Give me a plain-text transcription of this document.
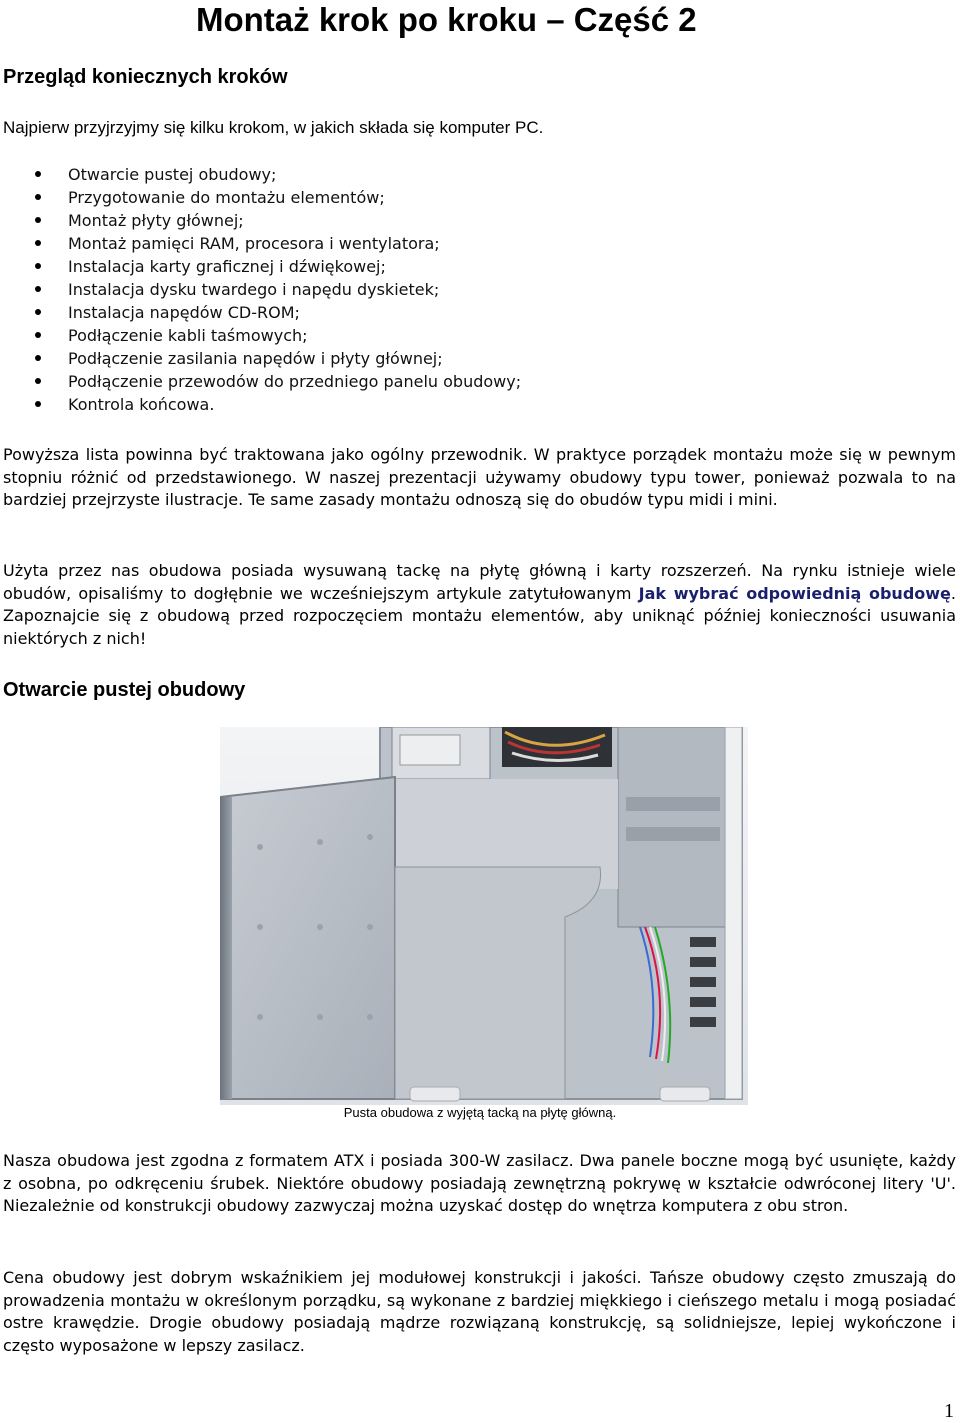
Montaż krok po kroku – Część 2
Przegląd koniecznych kroków

Najpierw przyjrzyjmy się kilku krokom, w jakich składa się komputer PC.

Otwarcie pustej obudowy;
Przygotowanie do montażu elementów;
Montaż płyty głównej;
Montaż pamięci RAM, procesora i wentylatora;
Instalacja karty graficznej i dźwiękowej;
Instalacja dysku twardego i napędu dyskietek;
Instalacja napędów CD-ROM;
Podłączenie kabli taśmowych;
Podłączenie zasilania napędów i płyty głównej;
Podłączenie przewodów do przedniego panelu obudowy;
Kontrola końcowa.

Powyższa lista powinna być traktowana jako ogólny przewodnik. W praktyce porządek montażu może się w pewnym stopniu różnić od przedstawionego. W naszej prezentacji używamy obudowy typu tower, ponieważ pozwala to na bardziej przejrzyste ilustracje. Te same zasady montażu odnoszą się do obudów typu midi i mini.

Użyta przez nas obudowa posiada wysuwaną tackę na płytę główną i karty rozszerzeń. Na rynku istnieje wiele obudów, opisaliśmy to dogłębnie we wcześniejszym artykule zatytułowanym Jak wybrać odpowiednią obudowę. Zapoznajcie się z obudową przed rozpoczęciem montażu elementów, aby uniknąć później konieczności usuwania niektórych z nich!

Otwarcie pustej obudowy
Pusta obudowa z wyjętą tacką na płytę główną.

Nasza obudowa jest zgodna z formatem ATX i posiada 300-W zasilacz. Dwa panele boczne mogą być usunięte, każdy z osobna, po odkręceniu śrubek. Niektóre obudowy posiadają zewnętrzną pokrywę w kształcie odwróconej litery 'U'. Niezależnie od konstrukcji obudowy zazwyczaj można uzyskać dostęp do wnętrza komputera z obu stron.

Cena obudowy jest dobrym wskaźnikiem jej modułowej konstrukcji i jakości. Tańsze obudowy często zmuszają do prowadzenia montażu w określonym porządku, są wykonane z bardziej miękkiego i cieńszego metalu i mogą posiadać ostre krawędzie. Drogie obudowy posiadają mądrze rozwiązaną konstrukcję, są solidniejsze, lepiej wykończone i często wyposażone w lepszy zasilacz.

1
